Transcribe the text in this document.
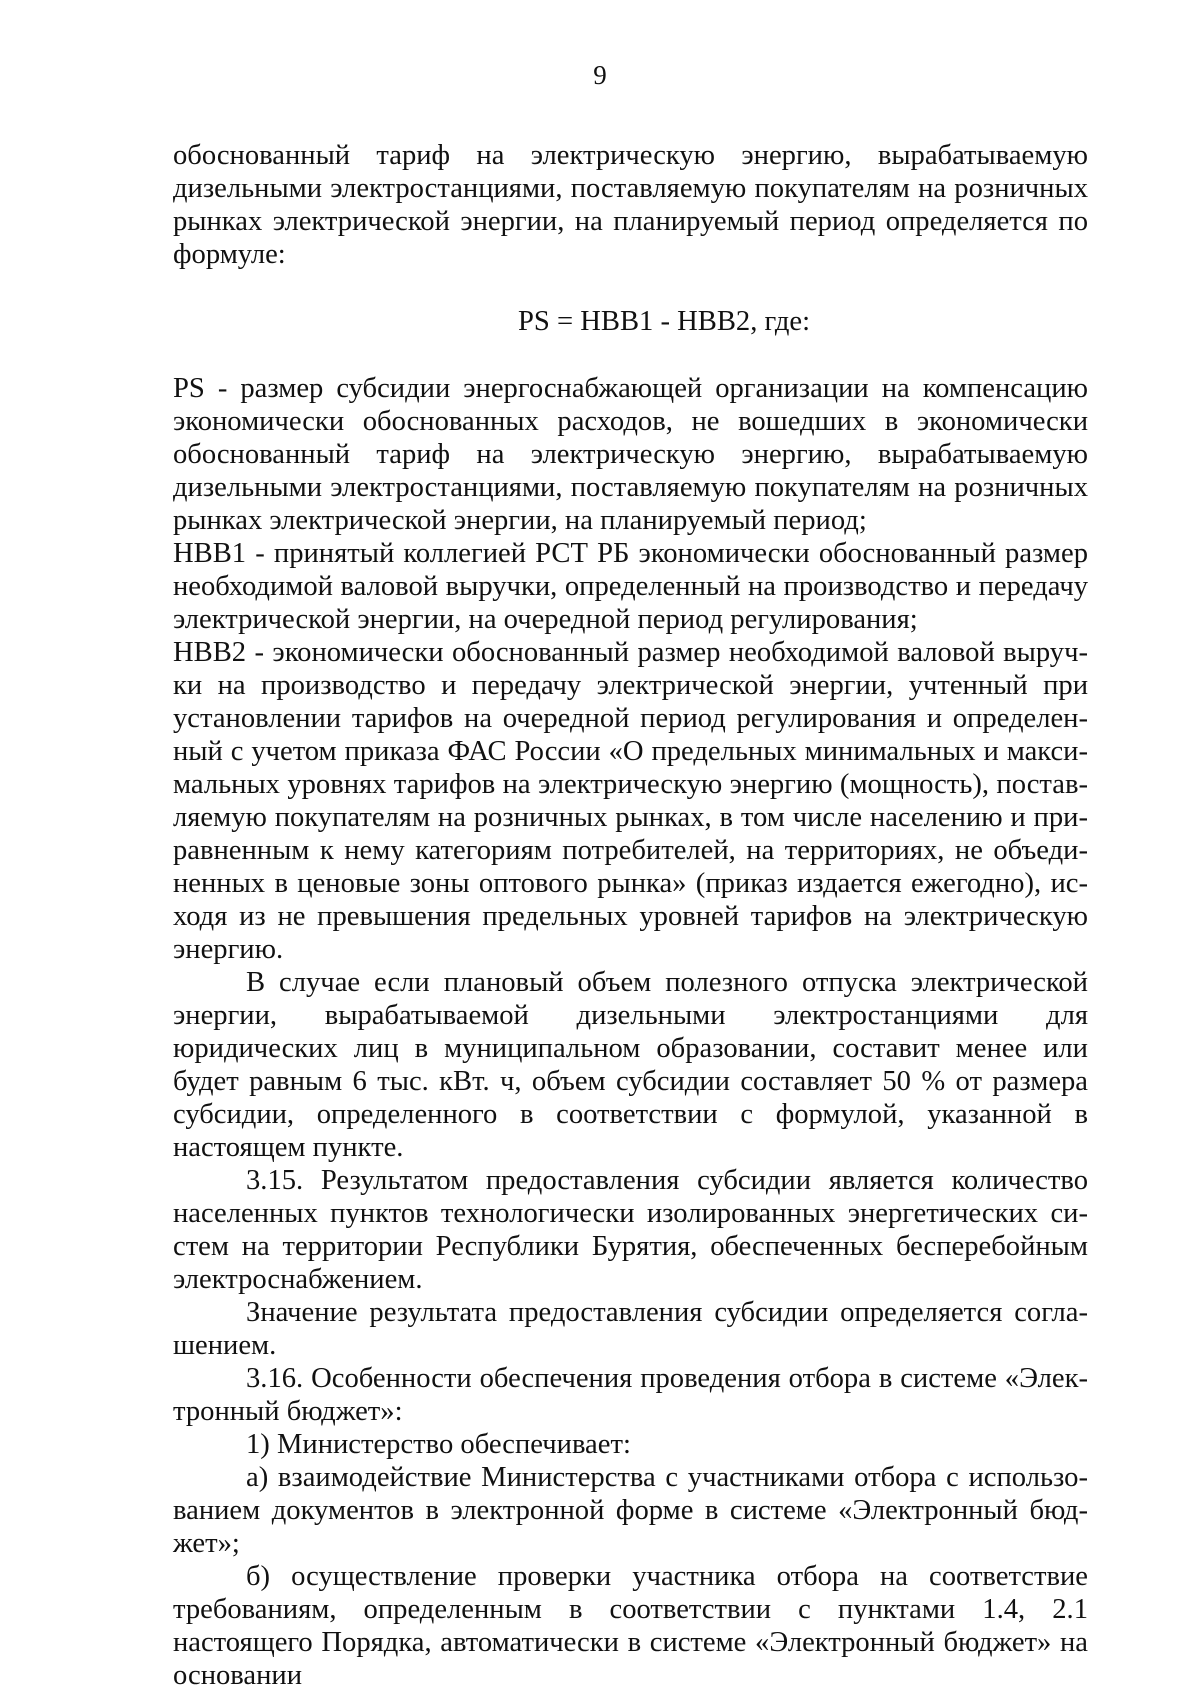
9

обоснованный тариф на электрическую энергию, вырабатываемую дизельными электростанциями, поставляемую покупателям на розничных рынках электрической энергии, на планируемый период определяется по формуле:

PS = НВВ1 - НВВ2, где:

PS - размер субсидии энергоснабжающей организации на компенсацию экономически обоснованных расходов, не вошедших в экономически обоснованный тариф на электрическую энергию, вырабатываемую дизельными электростанциями, поставляемую покупателям на розничных рынках электрической энергии, на планируемый период;

НВВ1 - принятый коллегией РСТ РБ экономически обоснованный размер необходимой валовой выручки, определенный на производство и передачу электрической энергии, на очередной период регулирования;

НВВ2 - экономически обоснованный размер необходимой валовой выручки на производство и передачу электрической энергии, учтенный при установлении тарифов на очередной период регулирования и определенный с учетом приказа ФАС России «О предельных минимальных и максимальных уровнях тарифов на электрическую энергию (мощность), поставляемую покупателям на розничных рынках, в том числе населению и приравненным к нему категориям потребителей, на территориях, не объединенных в ценовые зоны оптового рынка» (приказ издается ежегодно), исходя из не превышения предельных уровней тарифов на электрическую энергию.

В случае если плановый объем полезного отпуска электрической энергии, вырабатываемой дизельными электростанциями для юридических лиц в муниципальном образовании, составит менее или будет равным 6 тыс. кВт. ч, объем субсидии составляет 50 % от размера субсидии, определенного в соответствии с формулой, указанной в настоящем пункте.

3.15. Результатом предоставления субсидии является количество населенных пунктов технологически изолированных энергетических систем на территории Республики Бурятия, обеспеченных бесперебойным электроснабжением.

Значение результата предоставления субсидии определяется соглашением.

3.16. Особенности обеспечения проведения отбора в системе «Электронный бюджет»:

1) Министерство обеспечивает:

а) взаимодействие Министерства с участниками отбора с использованием документов в электронной форме в системе «Электронный бюджет»;

б) осуществление проверки участника отбора на соответствие требованиям, определенным в соответствии с пунктами 1.4, 2.1 настоящего Порядка, автоматически в системе «Электронный бюджет» на основании
